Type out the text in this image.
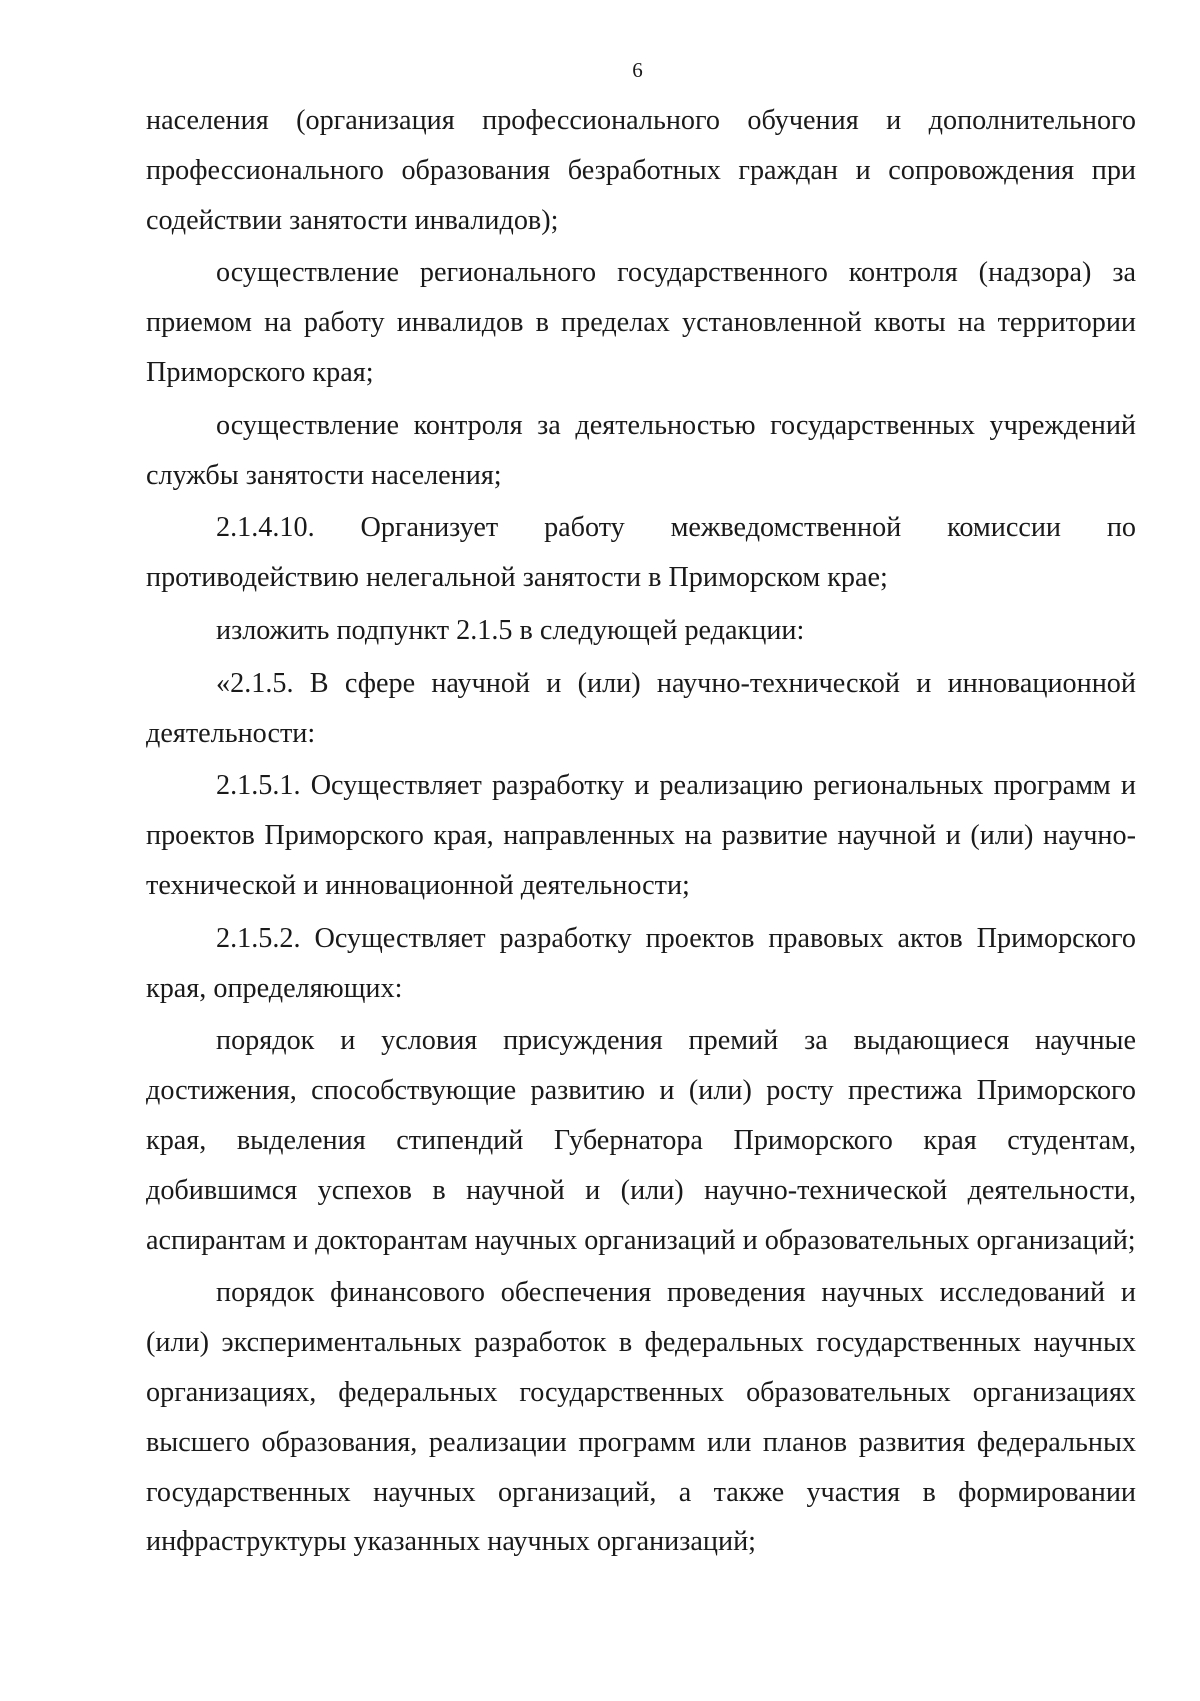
6

населения (организация профессионального обучения и дополнительного профессионального образования безработных граждан и сопровождения при содействии занятости инвалидов);

осуществление регионального государственного контроля (надзора) за приемом на работу инвалидов в пределах установленной квоты на территории Приморского края;

осуществление контроля за деятельностью государственных учреждений службы занятости населения;

2.1.4.10. Организует работу межведомственной комиссии по противодействию нелегальной занятости в Приморском крае;

изложить подпункт 2.1.5 в следующей редакции:

«2.1.5. В сфере научной и (или) научно-технической и инновационной деятельности:

2.1.5.1. Осуществляет разработку и реализацию региональных программ и проектов Приморского края, направленных на развитие научной и (или) научно-технической и инновационной деятельности;

2.1.5.2. Осуществляет разработку проектов правовых актов Приморского края, определяющих:

порядок и условия присуждения премий за выдающиеся научные достижения, способствующие развитию и (или) росту престижа Приморского края, выделения стипендий Губернатора Приморского края студентам, добившимся успехов в научной и (или) научно-технической деятельности, аспирантам и докторантам научных организаций и образовательных организаций;

порядок финансового обеспечения проведения научных исследований и (или) экспериментальных разработок в федеральных государственных научных организациях, федеральных государственных образовательных организациях высшего образования, реализации программ или планов развития федеральных государственных научных организаций, а также участия в формировании инфраструктуры указанных научных организаций;
